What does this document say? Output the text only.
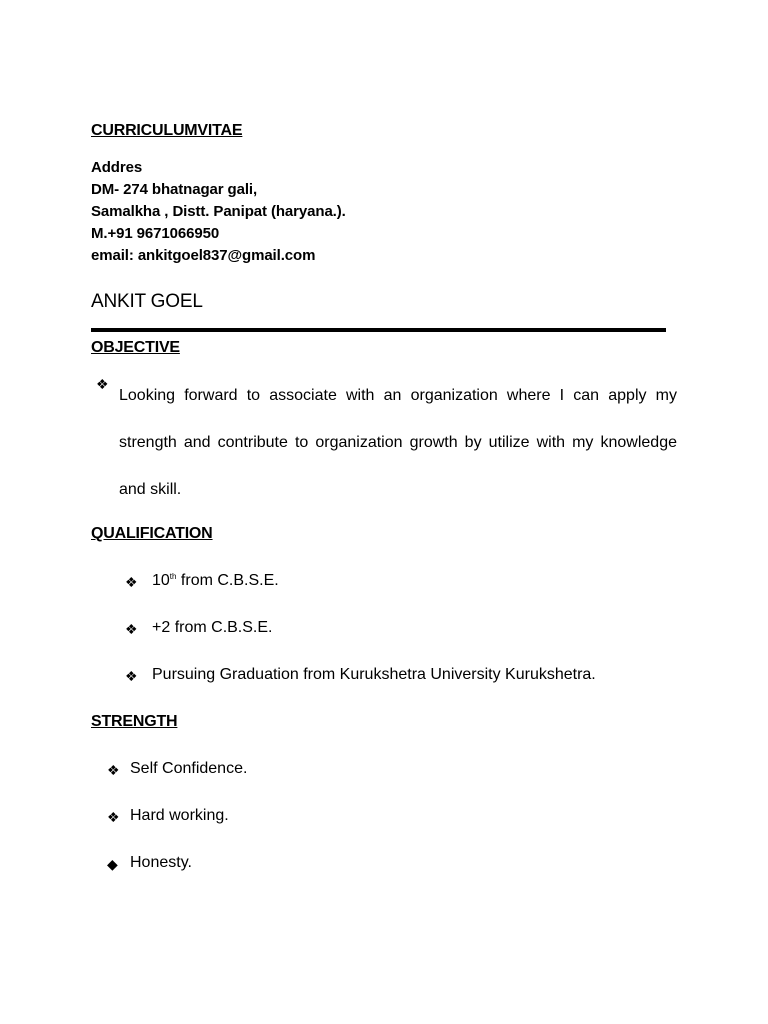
CURRICULUMVITAE
Addres
DM- 274 bhatnagar gali,
Samalkha , Distt. Panipat (haryana.).
M.+91 9671066950
email: ankitgoel837@gmail.com
ANKIT GOEL
OBJECTIVE
❖
Looking forward to associate with an organization where I can apply my strength and contribute to organization growth by utilize with my knowledge and skill.
QUALIFICATION
❖ 10th from C.B.S.E.
❖ +2 from C.B.S.E.
❖ Pursuing Graduation from Kurukshetra University Kurukshetra.
STRENGTH
❖ Self Confidence.
❖ Hard working.
◆ Honesty.
